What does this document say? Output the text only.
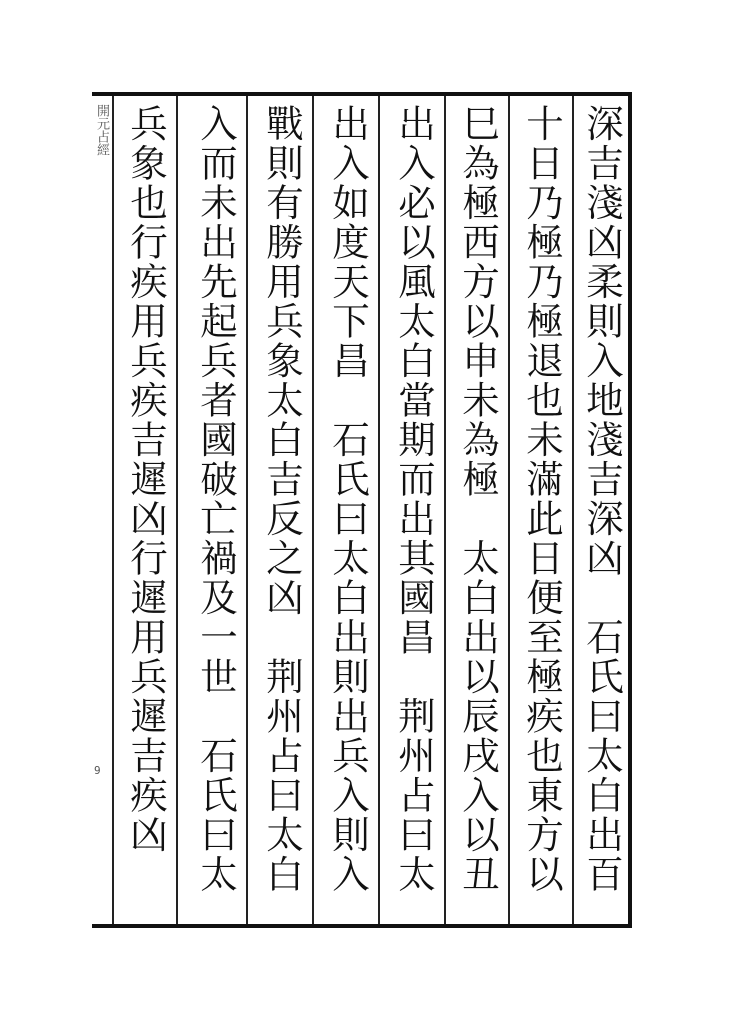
開元占經
9
深吉淺凶柔則入地淺吉深凶　石氏曰太白出百
十日乃極乃極退也未滿此日便至極疾也東方以
巳為極西方以申未為極　太白出以辰戌入以丑
出入必以風太白當期而出其國昌　荆州占曰太
出入如度天下昌　石氏曰太白出則出兵入則入
戰則有勝用兵象太白吉反之凶　荆州占曰太白
入而未出先起兵者國破亡禍及一世　石氏曰太
兵象也行疾用兵疾吉遲凶行遲用兵遲吉疾凶　
